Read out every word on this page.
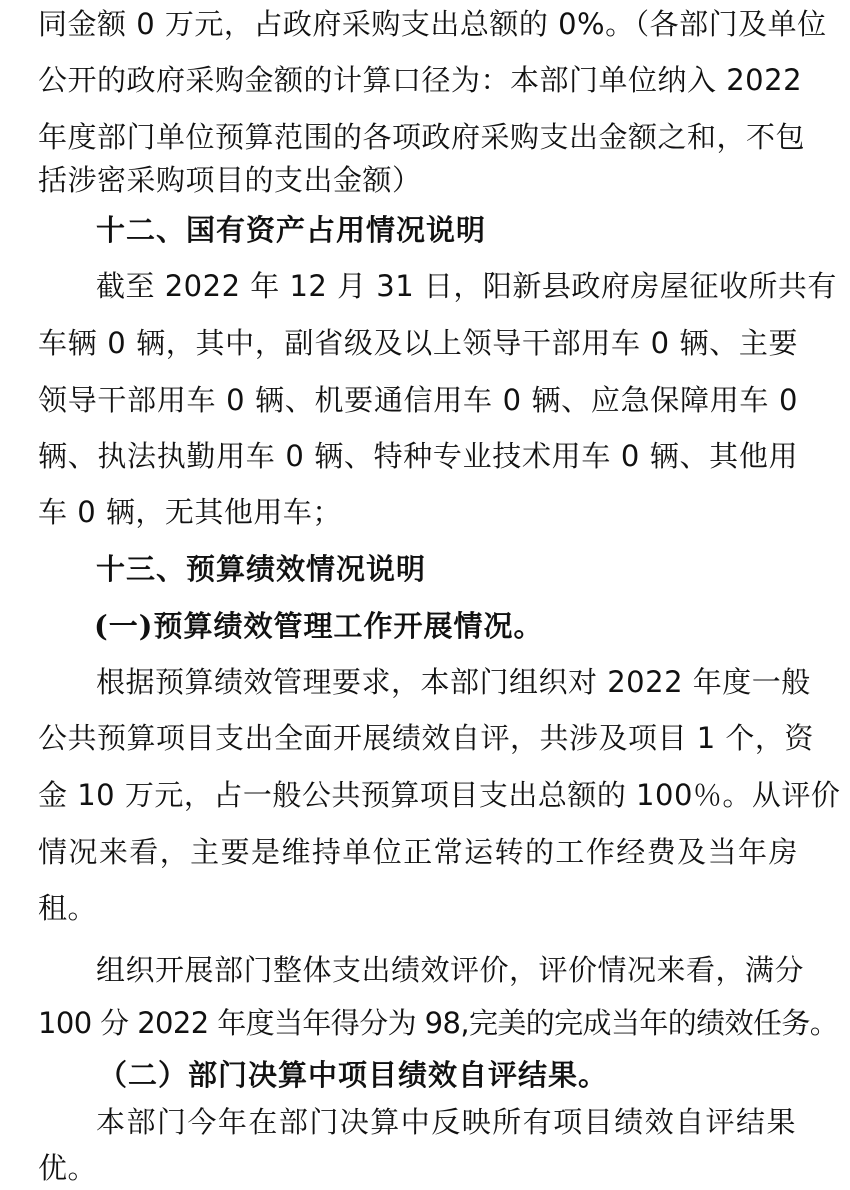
同金额 0 万元，占政府采购支出总额的 0%。（各部门及单位
公开的政府采购金额的计算口径为：本部门单位纳入 2022
年度部门单位预算范围的各项政府采购支出金额之和，不包
括涉密采购项目的支出金额）
十二、国有资产占用情况说明
截至 2022 年 12 月 31 日，阳新县政府房屋征收所共有
车辆 0 辆，其中，副省级及以上领导干部用车 0 辆、主要
领导干部用车 0 辆、机要通信用车 0 辆、应急保障用车 0
辆、执法执勤用车 0 辆、特种专业技术用车 0 辆、其他用
车 0 辆，无其他用车；
十三、预算绩效情况说明
(一)预算绩效管理工作开展情况。
根据预算绩效管理要求，本部门组织对 2022 年度一般
公共预算项目支出全面开展绩效自评，共涉及项目 1 个，资
金 10 万元，占一般公共预算项目支出总额的 100％。从评价
情况来看，主要是维持单位正常运转的工作经费及当年房
租。
组织开展部门整体支出绩效评价，评价情况来看，满分
100 分 2022 年度当年得分为 98,完美的完成当年的绩效任务。
（二）部门决算中项目绩效自评结果。
本部门今年在部门决算中反映所有项目绩效自评结果
优。
